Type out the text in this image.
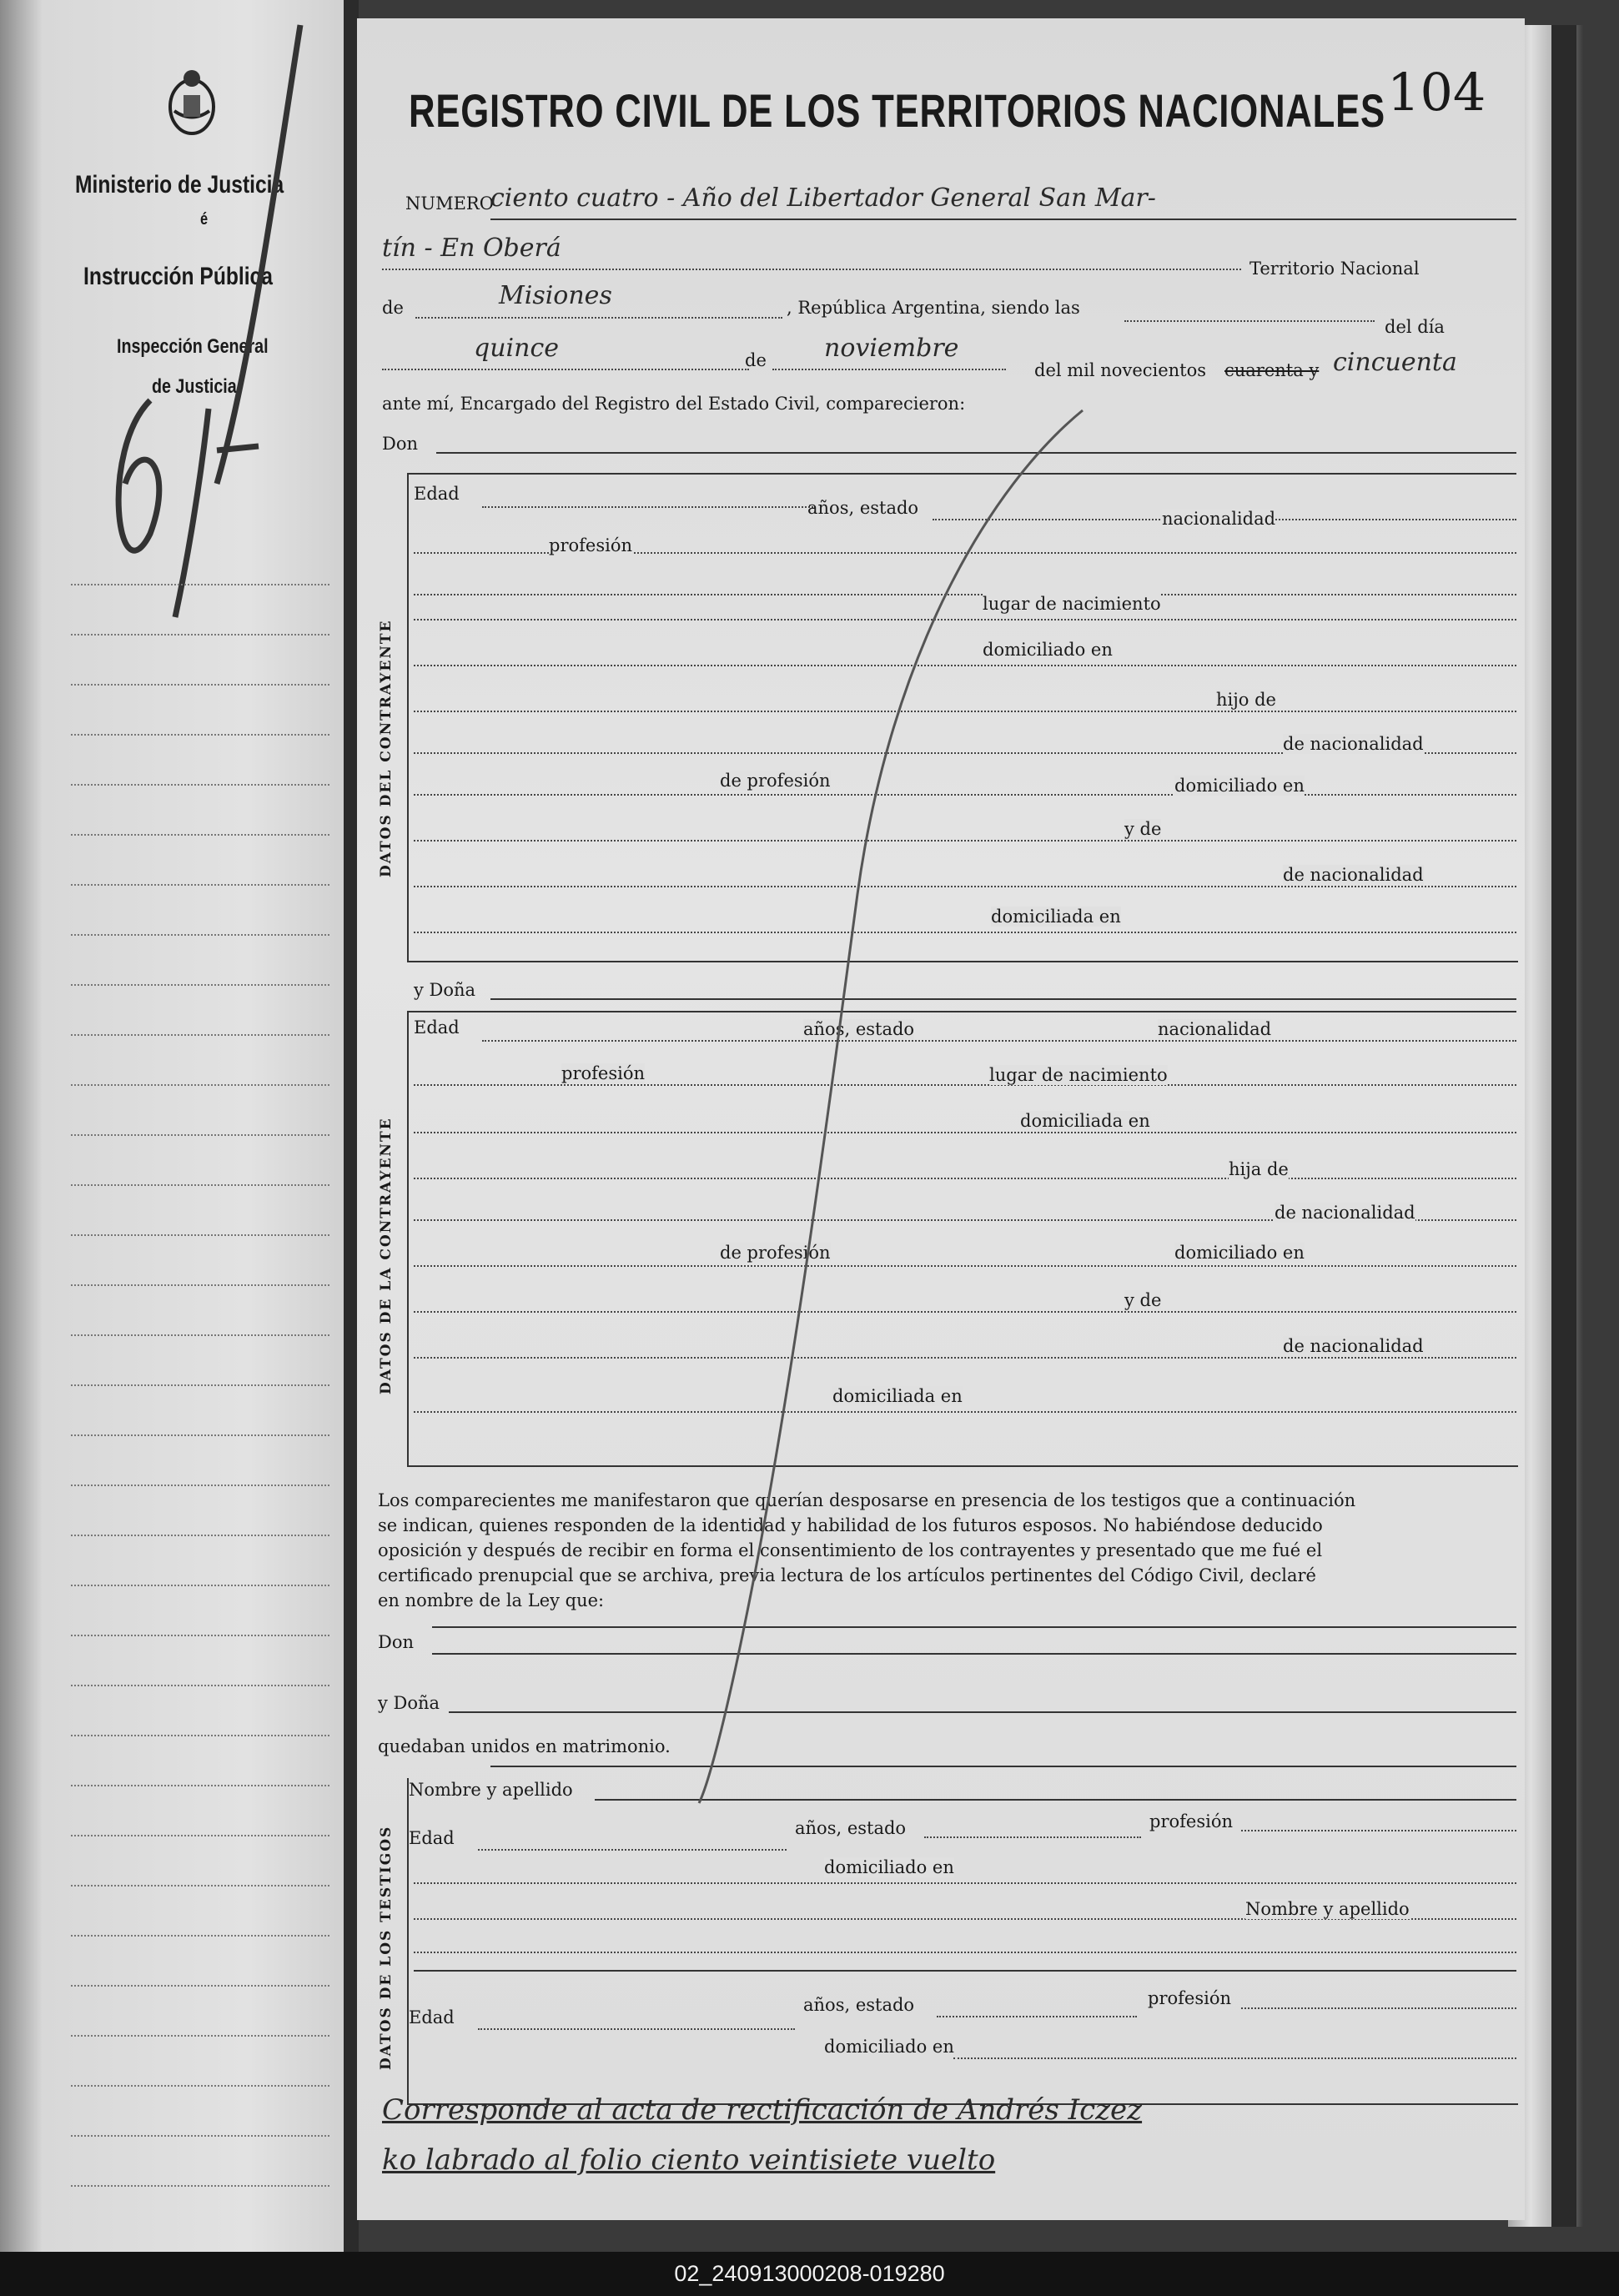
Ministerio de Justicia
é
Instrucción Pública
Inspección General
de Justicia
104
REGISTRO CIVIL DE LOS TERRITORIOS NACIONALES
NUMERO
ciento cuatro - Año del Libertador General San Mar-
tín - En Oberá
Territorio Nacional
de	Misiones	, República Argentina, siendo las
del día
quince	de noviembre
del mil novecientos cuarenta y cincuenta
ante mí, Encargado del Registro del Estado Civil, comparecieron:
Don
DATOS DEL CONTRAYENTE
Edad
años, estado
nacionalidad
profesión
lugar de nacimiento
domiciliado en
hijo de
de nacionalidad
de profesión	domiciliado en
y de
de nacionalidad
domiciliada en
y Doña
DATOS DE LA CONTRAYENTE
Edad	años, estado	nacionalidad
profesión	lugar de nacimiento
domiciliada en
hija de
de nacionalidad
de profesión	domiciliado en
y de
de nacionalidad
domiciliada en
Los comparecientes me manifestaron que querían desposarse en presencia de los testigos que a continuación
se indican, quienes responden de la identidad y habilidad de los futuros esposos. No habiéndose deducido
oposición y después de recibir en forma el consentimiento de los contrayentes y presentado que me fué el
certificado prenupcial que se archiva, previa lectura de los artículos pertinentes del Código Civil, declaré
en nombre de la Ley que:
Don
y Doña
quedaban unidos en matrimonio.
DATOS DE LOS TESTIGOS
Nombre y apellido
Edad	años, estado	profesión
domiciliado en
Nombre y apellido
Edad
años, estado	profesión
domiciliado en
Corresponde al acta de rectificación de Andrés Iczez
ko labrado al folio ciento veintisiete vuelto
02_240913000208-019280
